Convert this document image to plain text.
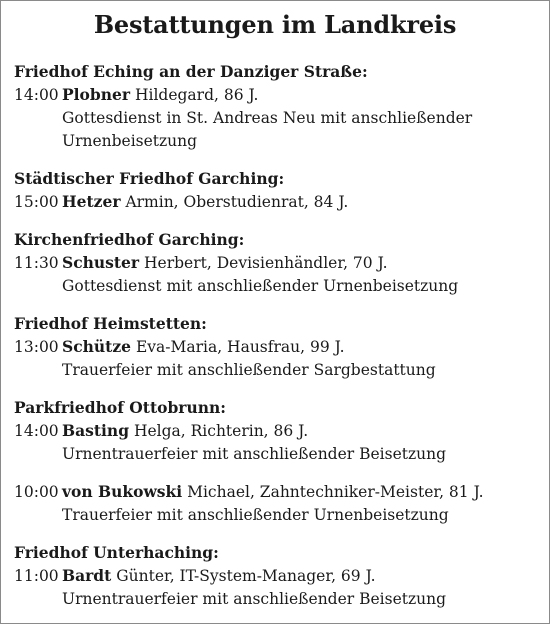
Bestattungen im Landkreis
Friedhof Eching an der Danziger Straße:
14:00 Plobner Hildegard, 86 J.
Gottesdienst in St. Andreas Neu mit anschließender
Urnenbeisetzung
Städtischer Friedhof Garching:
15:00 Hetzer Armin, Oberstudienrat, 84 J.
Kirchenfriedhof Garching:
11:30 Schuster Herbert, Devisienhändler, 70 J.
Gottesdienst mit anschließender Urnenbeisetzung
Friedhof Heimstetten:
13:00 Schütze Eva-Maria, Hausfrau, 99 J.
Trauerfeier mit anschließender Sargbestattung
Parkfriedhof Ottobrunn:
14:00 Basting Helga, Richterin, 86 J.
Urnentrauerfeier mit anschließender Beisetzung
10:00 von Bukowski Michael, Zahntechniker-Meister, 81 J.
Trauerfeier mit anschließender Urnenbeisetzung
Friedhof Unterhaching:
11:00 Bardt Günter, IT-System-Manager, 69 J.
Urnentrauerfeier mit anschließender Beisetzung
